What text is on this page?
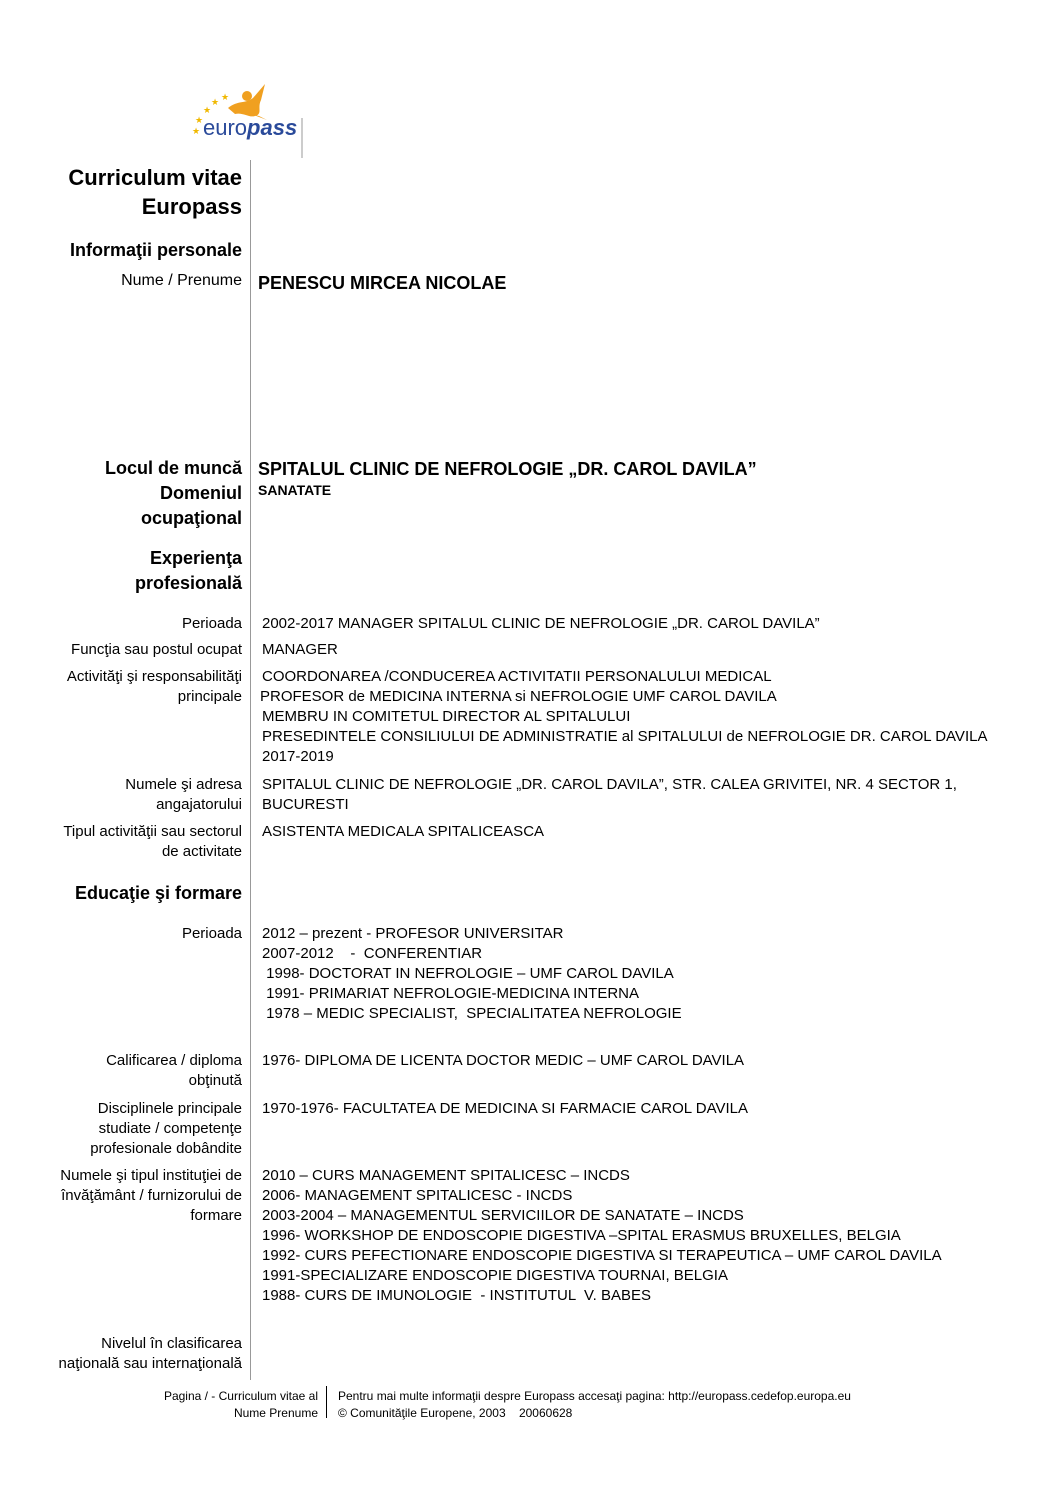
★
★
★
★ ★
europass
Curriculum vitae
Europass
Informaţii personale
Nume / Prenume PENESCU MIRCEA NICOLAE
Locul de muncă
Domeniul
ocupaţional
SPITALUL CLINIC DE NEFROLOGIE „DR. CAROL DAVILA”
SANATATE
Experienţa
profesională
Perioada 2002-2017 MANAGER SPITALUL CLINIC DE NEFROLOGIE „DR. CAROL DAVILA”
Funcţia sau postul ocupat MANAGER
Activităţi şi responsabilităţi
principale
COORDONAREA /CONDUCEREA ACTIVITATII PERSONALULUI MEDICAL
PROFESOR de MEDICINA INTERNA si NEFROLOGIE UMF CAROL DAVILA
MEMBRU IN COMITETUL DIRECTOR AL SPITALULUI
PRESEDINTELE CONSILIULUI DE ADMINISTRATIE al SPITALULUI de NEFROLOGIE DR. CAROL DAVILA
2017-2019
Numele şi adresa
angajatorului
SPITALUL CLINIC DE NEFROLOGIE „DR. CAROL DAVILA”, STR. CALEA GRIVITEI, NR. 4 SECTOR 1,
BUCURESTI
Tipul activităţii sau sectorul
de activitate
ASISTENTA MEDICALA SPITALICEASCA
Educaţie şi formare
Perioada 2012 – prezent - PROFESOR UNIVERSITAR
2007-2012    -  CONFERENTIAR
1998- DOCTORAT IN NEFROLOGIE – UMF CAROL DAVILA
1991- PRIMARIAT NEFROLOGIE-MEDICINA INTERNA
1978 – MEDIC SPECIALIST,  SPECIALITATEA NEFROLOGIE
Calificarea / diploma
obţinută
1976- DIPLOMA DE LICENTA DOCTOR MEDIC – UMF CAROL DAVILA
Disciplinele principale
studiate / competenţe
profesionale dobândite
1970-1976- FACULTATEA DE MEDICINA SI FARMACIE CAROL DAVILA
Numele şi tipul instituţiei de
învăţământ / furnizorului de
formare
2010 – CURS MANAGEMENT SPITALICESC – INCDS
2006- MANAGEMENT SPITALICESC - INCDS
2003-2004 – MANAGEMENTUL SERVICIILOR DE SANATATE – INCDS
1996- WORKSHOP DE ENDOSCOPIE DIGESTIVA –SPITAL ERASMUS BRUXELLES, BELGIA
1992- CURS PEFECTIONARE ENDOSCOPIE DIGESTIVA SI TERAPEUTICA – UMF CAROL DAVILA
1991-SPECIALIZARE ENDOSCOPIE DIGESTIVA TOURNAI, BELGIA
1988- CURS DE IMUNOLOGIE  - INSTITUTUL  V. BABES
Nivelul în clasificarea
naţională sau internaţională
Pagina / - Curriculum vitae al
Nume Prenume
Pentru mai multe informaţii despre Europass accesaţi pagina: http://europass.cedefop.europa.eu
© Comunităţile Europene, 2003    20060628
